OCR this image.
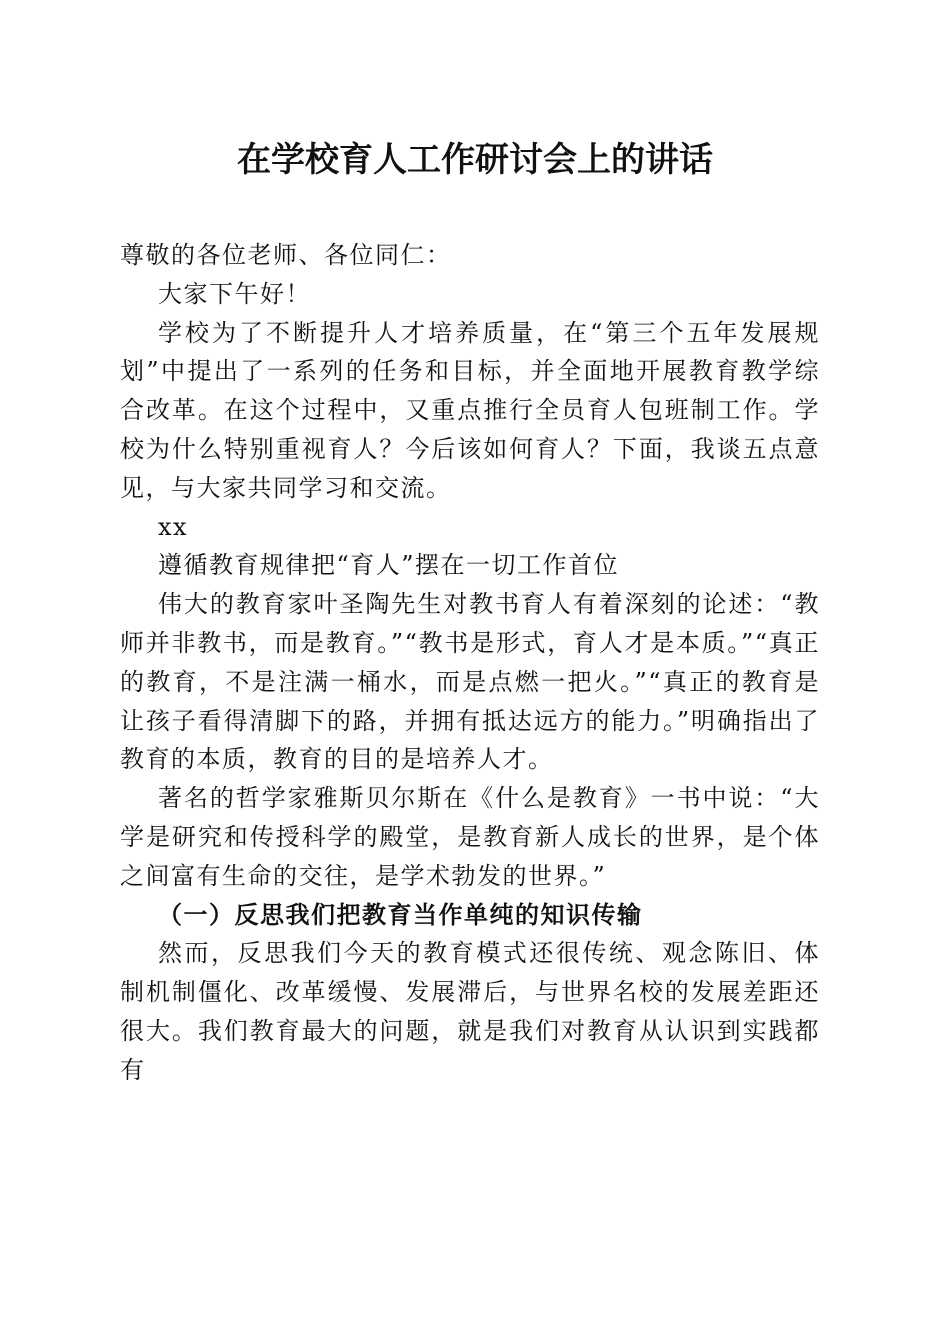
在学校育人工作研讨会上的讲话

尊敬的各位老师、各位同仁：

大家下午好！

学校为了不断提升人才培养质量，在“第三个五年发展规划”中提出了一系列的任务和目标，并全面地开展教育教学综合改革。在这个过程中，又重点推行全员育人包班制工作。学校为什么特别重视育人？今后该如何育人？下面，我谈五点意见，与大家共同学习和交流。

xx

遵循教育规律把“育人”摆在一切工作首位

伟大的教育家叶圣陶先生对教书育人有着深刻的论述：“教师并非教书，而是教育。”“教书是形式，育人才是本质。”“真正的教育，不是注满一桶水，而是点燃一把火。”“真正的教育是让孩子看得清脚下的路，并拥有抵达远方的能力。”明确指出了教育的本质，教育的目的是培养人才。

著名的哲学家雅斯贝尔斯在《什么是教育》一书中说：“大学是研究和传授科学的殿堂，是教育新人成长的世界，是个体之间富有生命的交往，是学术勃发的世界。”

（一）反思我们把教育当作单纯的知识传输

然而，反思我们今天的教育模式还很传统、观念陈旧、体制机制僵化、改革缓慢、发展滞后，与世界名校的发展差距还很大。我们教育最大的问题，就是我们对教育从认识到实践都有
